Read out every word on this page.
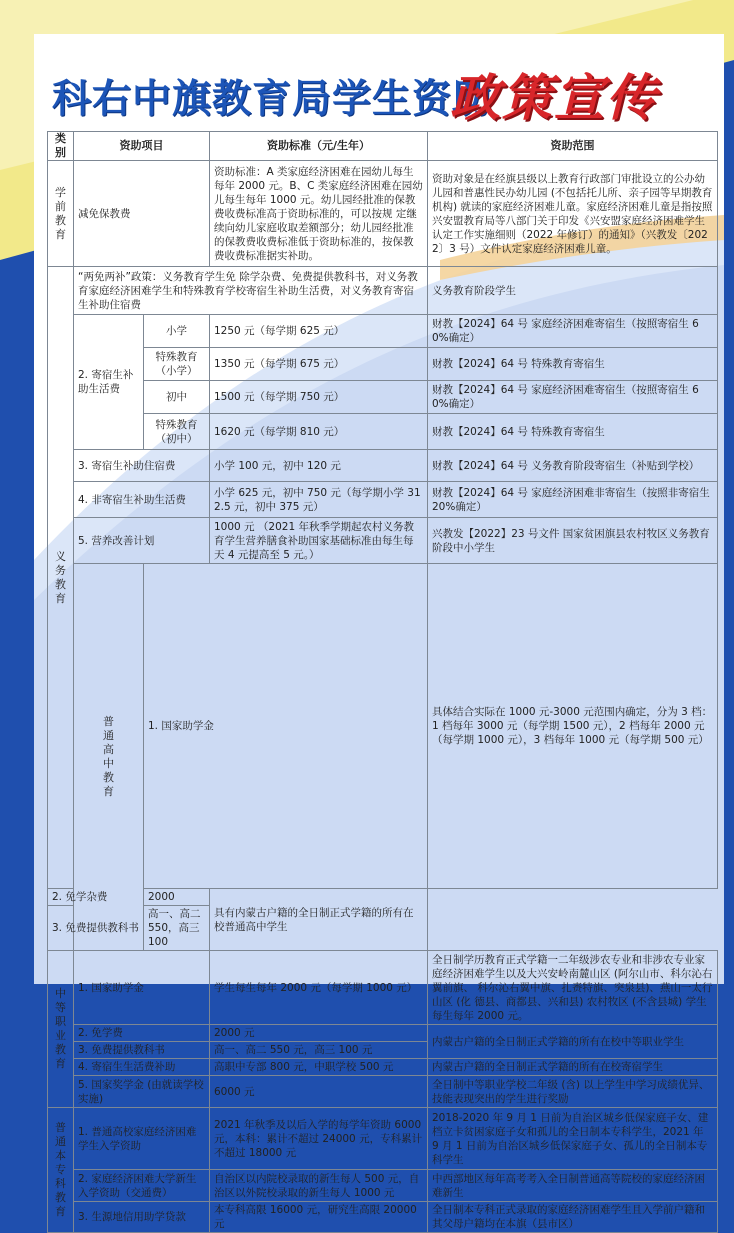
科右中旗教育局学生资助
政策宣传
类别	资助项目		资助标准（元/生年）	资助范围	
学前教育	减免保教费		资助标准：A 类家庭经济困难在园幼儿每生每年 2000 元。B、C 类家庭经济困难在园幼儿每生每年 1000 元。幼儿园经批准的保教费收费标准高于资助标准的，可以按规 定继续向幼儿家庭收取差额部分；幼儿园经批准的保教费收费标准低于资助标准的，按保教费收费标准据实补助。	资助对象是在经旗县级以上教育行政部门审批设立的公办幼儿园和普惠性民办幼儿园 (不包括托儿所、亲子园等早期教育 机构) 就读的家庭经济困难儿童。家庭经济困难儿童是指按照兴安盟教育局等八部门关于印发《兴安盟家庭经济困难学生认定工作实施细则（2022 年修订）的通知》（兴教发〔2022〕3 号）文件认定家庭经济困难儿童。	
义务教育	“两免两补”政策：义务教育学生免 除学杂费、免费提供教科书，对义务教育家庭经济困难学生和特殊教育学校寄宿生补助生活费，对义务教育寄宿生补助住宿费			义务教育阶段学生	
	2. 寄宿生补助生活费	小学	1250 元（每学期 625 元）	财教【2024】64 号 家庭经济困难寄宿生（按照寄宿生 60%确定）	
		特殊教育（小学）	1350 元（每学期 675 元）	财教【2024】64 号 特殊教育寄宿生	
		初中	1500 元（每学期 750 元）	财教【2024】64 号 家庭经济困难寄宿生（按照寄宿生 60%确定）	
		特殊教育（初中）	1620 元（每学期 810 元）	财教【2024】64 号 特殊教育寄宿生	
	3. 寄宿生补助住宿费		小学 100 元，初中 120 元	财教【2024】64 号 义务教育阶段寄宿生（补贴到学校）	
	4. 非寄宿生补助生活费		小学 625 元，初中 750 元（每学期小学 312.5 元，初中 375 元）	财教【2024】64 号 家庭经济困难非寄宿生（按照非寄宿生 20%确定）	
	5. 营养改善计划		1000 元 （2021 年秋季学期起农村义务教育学生营养膳食补助国家基础标准由每生每天 4 元提高至 5 元。）	兴教发【2022】23 号文件 国家贫困旗县农村牧区义务教育阶段中小学生	
	普通高中教育	1. 国家助学金		具体结合实际在 1000 元-3000 元范围内确定，分为 3 档：1 档每年 3000 元（每学期 1500 元），2 档每年 2000 元（每学期 1000 元），3 档每年 1000 元（每学期 500 元）	
2. 免学杂费		2000	具有内蒙古户籍的全日制正式学籍的所有在校普通高中学生		
3. 免费提供教科书		高一、高二 550，高三 100			
中等职业教育	1. 国家助学金		学生每生每年 2000 元（每学期 1000 元）	全日制学历教育正式学籍一二年级涉农专业和非涉农专业家庭经济困难学生以及大兴安岭南麓山区 (阿尔山市、科尔沁右翼前旗、 科尔沁右翼中旗、扎赉特旗、突泉县)、燕山一太行山区 (化 德县、商都县、兴和县) 农村牧区 (不含县城) 学生每生每年 2000 元。	
	2. 免学费		2000 元	内蒙古户籍的全日制正式学籍的所有在校中等职业学生	
	3. 免费提供教科书		高一、高二 550 元，高三 100 元		
	4. 寄宿生生活费补助		高职中专部 800 元，中职学校 500 元	内蒙古户籍的全日制正式学籍的所有在校寄宿学生	
	5. 国家奖学金 (由就读学校实施)		6000 元	全日制中等职业学校二年级 (含) 以上学生中学习成绩优异、技能表现突出的学生进行奖励	
普通本专科教育	1. 普通高校家庭经济困难学生入学资助		2021 年秋季及以后入学的每学年资助 6000 元，本科：累计不超过 24000 元，专科累计不超过 18000 元	2018-2020 年 9 月 1 日前为自治区城乡低保家庭子女、建档立卡贫困家庭子女和孤儿的全日制本专科学生，2021 年 9 月 1 日前为自治区城乡低保家庭子女、孤儿的全日制本专科学生	
	2. 家庭经济困难大学新生入学资助（交通费）		自治区以内院校录取的新生每人 500 元，自治区以外院校录取的新生每人 1000 元	中西部地区每年高考考入全日制普通高等院校的家庭经济困难新生	
	3. 生源地信用助学贷款		本专科高限 16000 元，研究生高限 20000 元	全日制本专科正式录取的家庭经济困难学生且入学前户籍和其父母户籍均在本旗（县市区）	
